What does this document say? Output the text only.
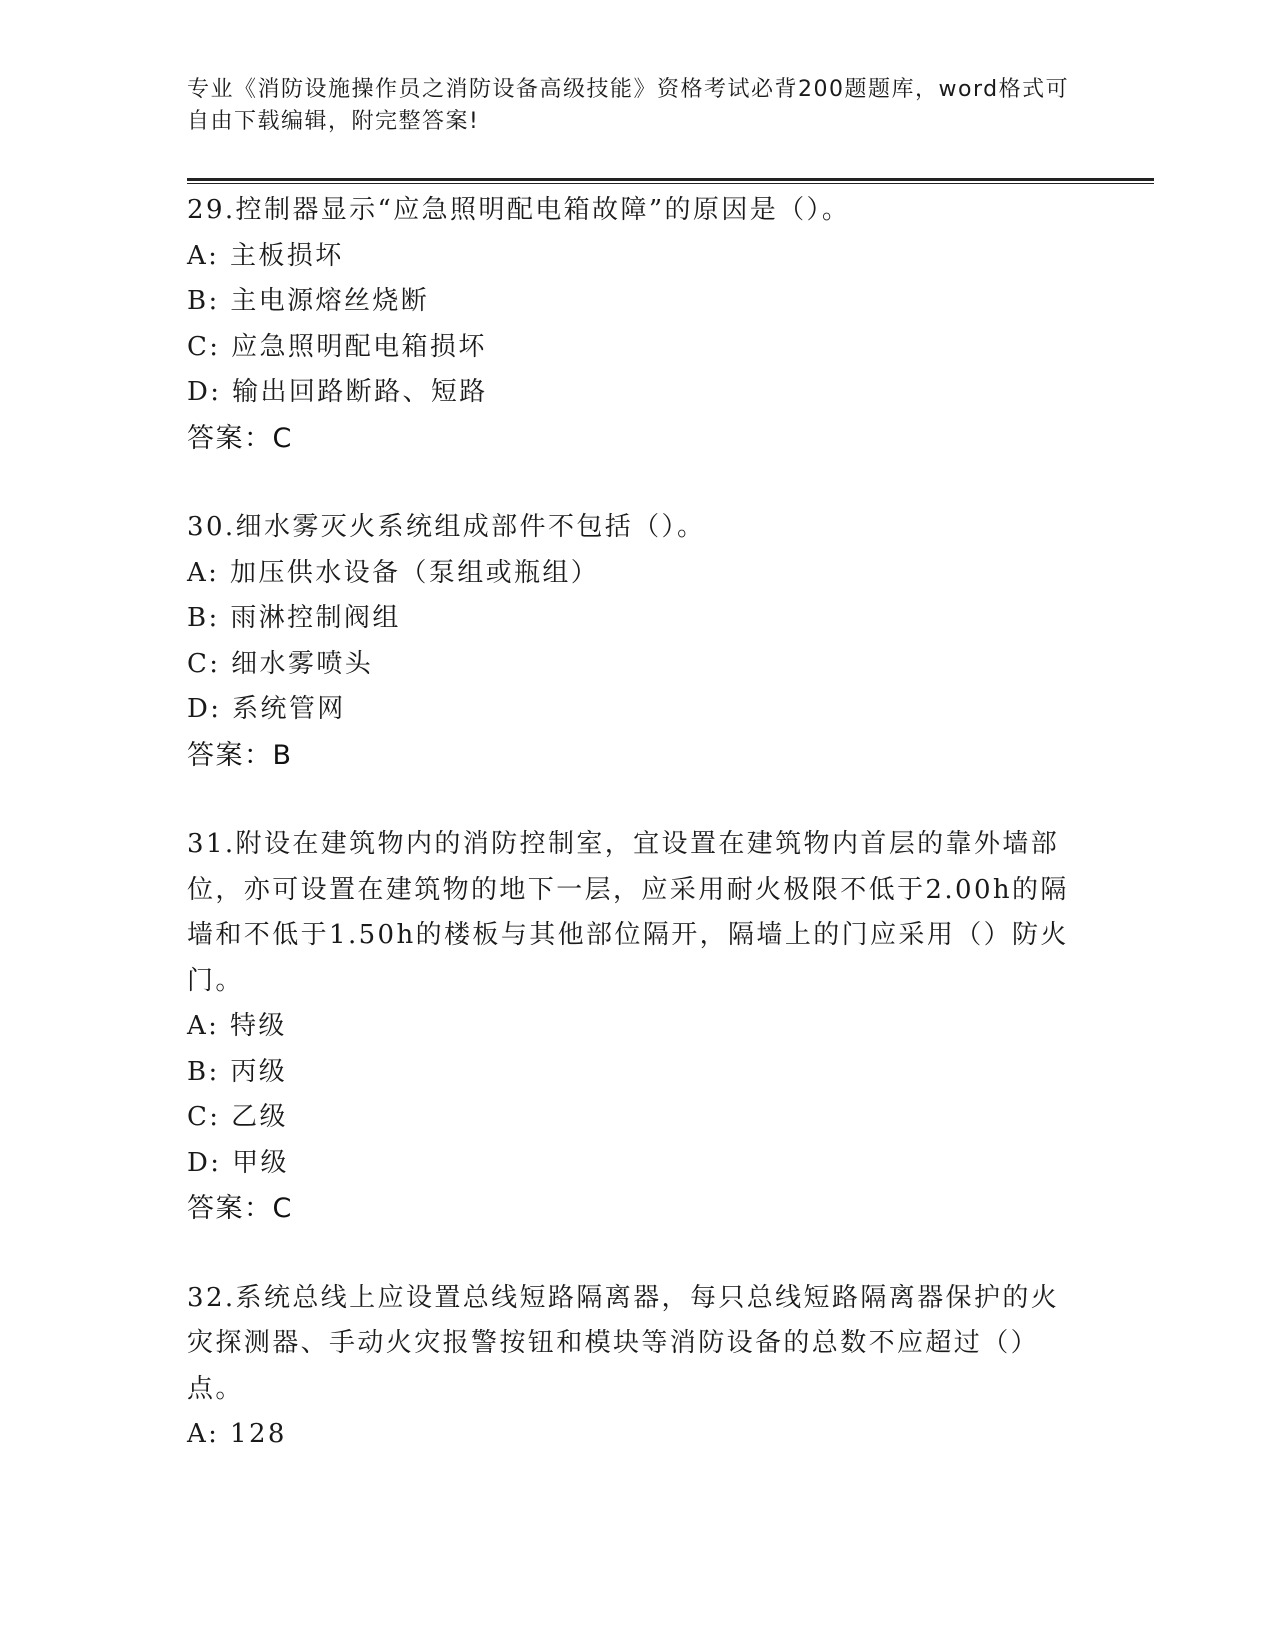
专业《消防设施操作员之消防设备高级技能》资格考试必背200题题库，word格式可自由下载编辑，附完整答案!
29.控制器显示“应急照明配电箱故障”的原因是（）。
A: 主板损坏
B: 主电源熔丝烧断
C: 应急照明配电箱损坏
D: 输出回路断路、短路
答案：C
30.细水雾灭火系统组成部件不包括（）。
A: 加压供水设备（泵组或瓶组）
B: 雨淋控制阀组
C: 细水雾喷头
D: 系统管网
答案：B
31.附设在建筑物内的消防控制室，宜设置在建筑物内首层的靠外墙部位，亦可设置在建筑物的地下一层，应采用耐火极限不低于2.00h的隔墙和不低于1.50h的楼板与其他部位隔开，隔墙上的门应采用（）防火门。
A: 特级
B: 丙级
C: 乙级
D: 甲级
答案：C
32.系统总线上应设置总线短路隔离器，每只总线短路隔离器保护的火灾探测器、手动火灾报警按钮和模块等消防设备的总数不应超过（）点。
A: 128
